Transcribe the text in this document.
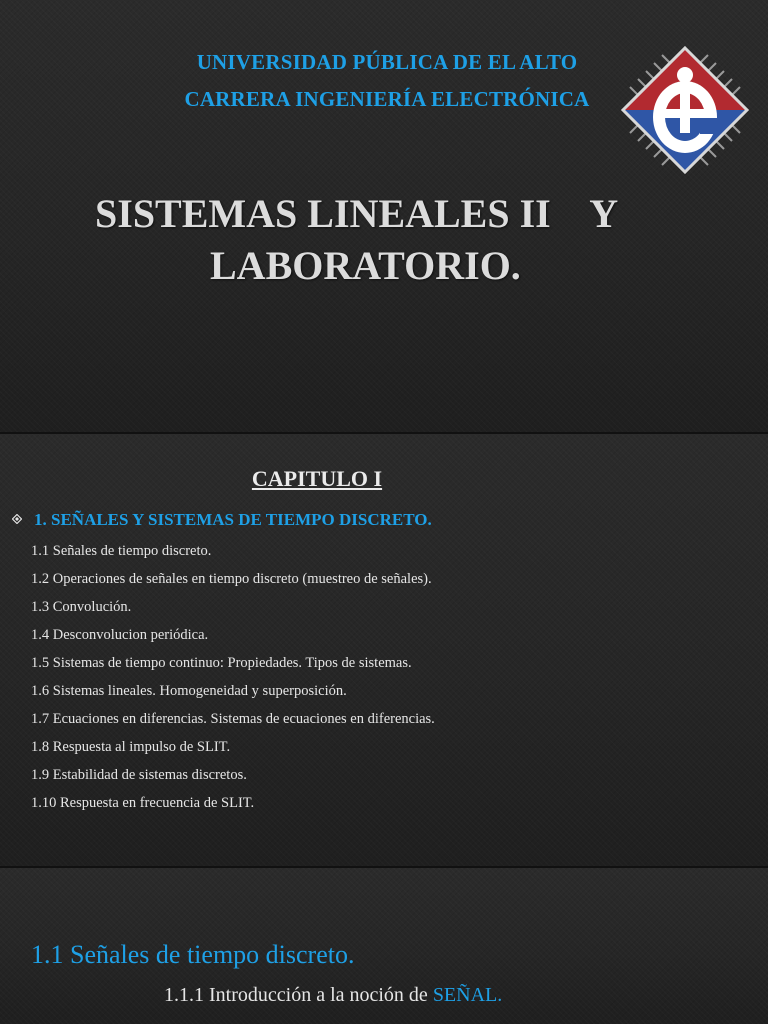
UNIVERSIDAD PÚBLICA DE EL ALTO
CARRERA INGENIERÍA ELECTRÓNICA
SISTEMAS LINEALES II    Y
LABORATORIO.
CAPITULO I
1. SEÑALES Y SISTEMAS DE TIEMPO DISCRETO.
1.1 Señales de tiempo discreto.
1.2 Operaciones de señales en tiempo discreto (muestreo de señales).
1.3 Convolución.
1.4 Desconvolucion periódica.
1.5 Sistemas de tiempo continuo: Propiedades. Tipos de sistemas.
1.6 Sistemas lineales. Homogeneidad y superposición.
1.7 Ecuaciones en diferencias. Sistemas de ecuaciones en diferencias.
1.8 Respuesta al impulso de SLIT.
1.9 Estabilidad de sistemas discretos.
1.10 Respuesta en frecuencia de SLIT.
1.1 Señales de tiempo discreto.
1.1.1 Introducción a la noción de SEÑAL.
